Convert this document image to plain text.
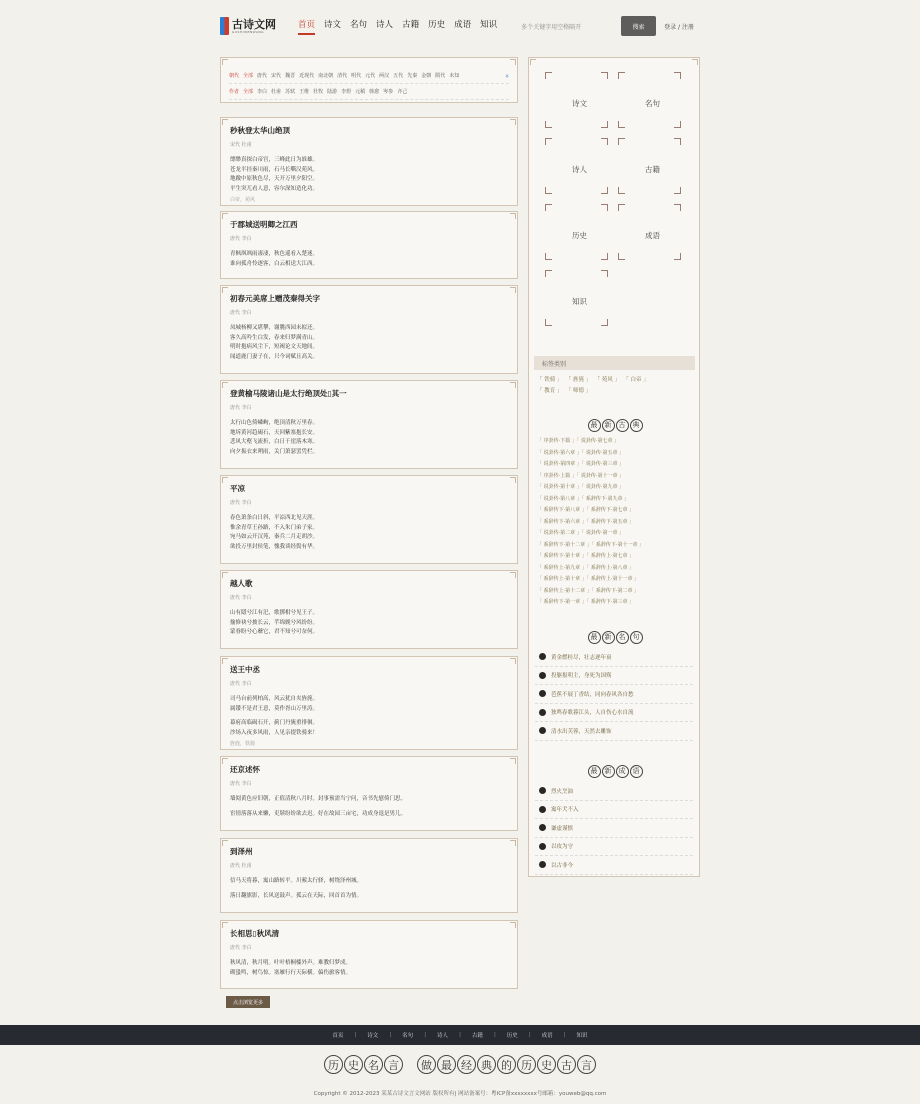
古诗文网
GUSHIWENWANG
首页 诗文 名句 诗人 古籍 历史 成语 知识	多个关键字用空格隔开	搜索	登录 / 注册
朝代 全部 唐代 宋代 魏晋 近现代 南北朝 清代 明代 元代 两汉 五代 先秦 金朝 隋代 未知	»
作者 全部 李白 杜甫 苏轼 王维 杜牧 陆游 李煜 元稹 韩愈 岑参 齐己
秒秋登太华山绝顶
宋代 杜甫
缥缈真探白帝宫，三峰此日为谁雄。
苍龙半挂秦川雨，石马长嘶汉苑风。
地敞中原秋色尽，天开万里夕阳空。
平生突兀看人意，容尔深知造化功。
白帝，苑风
于郡城送明卿之江西
唐代 李白
青枫飒飒雨凄凄，秋色遥看入楚迷。
谁向孤舟怜逐客，白云相送大江西。
初春元美席上赠茂秦得关字
唐代 李白
凤城杨柳又堪攀，谢朓西园未拟还。
客久高吟生白发，春来归梦满青山。
明时抱病风尘下，短褐论文天地间。
闻道鹿门妻子在，只今词赋且高关。
登黄榆马陵诸山是太行绝顶处▯其一
唐代 李白
太行山色倚嶙峋，绝顶清秋万里春。
地坼黄河趋碣石，天回紫塞抱长安。
悲风大壑飞流折，白日千崖落木寒。
向夕振衣来朔雨，关门萧瑟罢凭栏。
平凉
唐代 李白
春色萧条白日斜，平凉西北见天涯。
惟余青草王孙路，不入朱门弟子家。
宛马如云开汉苑，秦兵二月走胡沙。
欲投万里封侯笔，愧我谈经鬓有华。
越人歌
唐代 李白
山有隱兮江有汜，歌掷柑兮见王子。
揄修袂兮披长云，芊绵娩兮风纷纷。
蒙眷盼兮心蘼它，君不知兮可奈何。
送王中丞
唐代 李白
司马台前列柏高，风云犹自夹旌旄。
属镂不是君王意，莫作胥山万里涛。
幕府高临碣石开，蓟门丹旐重徘徊。
沙场入夜多风雨，人见亲提铁骑来！
旌旄，铁骑
还京述怀
唐代 李白
墙阅黄色应旧朝，正值清秋八月时。封事预需当宁问，音书先慰倚门思。
宦情落落从来懒，吏牍纷纷欲去迟。好在故园三亩宅，功成身退是男儿。
到泽州
唐代 杜甫
信马天将暮，寓山路转平。川萦太行驿，树绕泽州城。
落日翻旗影，长风送鼓声。孤云在天际，回首首为情。
长相思▯秋风清
唐代 李白
秋风清，秋月明。叶叶梧桐槛外声。难教归梦成。
砌蛩鸣，树鸟惊。塞雁行行天际横。偏伤旅客情。
点击浏览更多
诗文	名句
诗人	古籍
历史	成语
知识
标签类别
「 铁骑 」 「 旌旄 」 「 苑风 」 「 白帝 」
「 教育 」 「 师德 」
最	新	古	典
「 序卦传·下篇 」「 说卦传·第七章 」
「 说卦传·第六章 」「 说卦传·第五章 」
「 说卦传·第四章 」「 说卦传·第三章 」
「 序卦传·上篇 」「 说卦传·第十一章 」
「 说卦传·第十章 」「 说卦传·第九章 」
「 说卦传·第八章 」「 系辞传下·第九章 」
「 系辞传下·第八章 」「 系辞传下·第七章 」
「 系辞传下·第六章 」「 系辞传下·第五章 」
「 说卦传·第二章 」「 说卦传·第一章 」
「 系辞传下·第十二章 」「 系辞传下·第十一章 」
「 系辞传下·第十章 」「 系辞传上·第七章 」
「 系辞传上·第九章 」「 系辞传上·第八章 」
「 系辞传上·第十章 」「 系辞传上·第十一章 」
「 系辞传上·第十二章 」「 系辞传下·第二章 」
「 系辞传下·第一章 」「 系辞传下·第三章 」
最	新	名	句
黄金燃桂尽，壮志逐年衰
投躯报明主，身死为国殇
芭蕉不展丁香结，同向春风各自愁
独鸣春歌暮江头，人自伤心水自流
清水出芙蓉，天然去雕饰
最	新	成	语
烈火烹油
寓年犬不入
谦虚谨慎
以攻为守
以古非今
首页 | 诗文 | 名句 | 诗人 | 古籍 | 历史 | 成语 | 知识
历 史 名 言	做 最 经 典 的 历 史 古 言
Copyright © 2012-2023 某某古诗文言文网站 版权所有| 网站备案号：粤ICP备xxxxxxxx号邮箱：youweb@qq.com
